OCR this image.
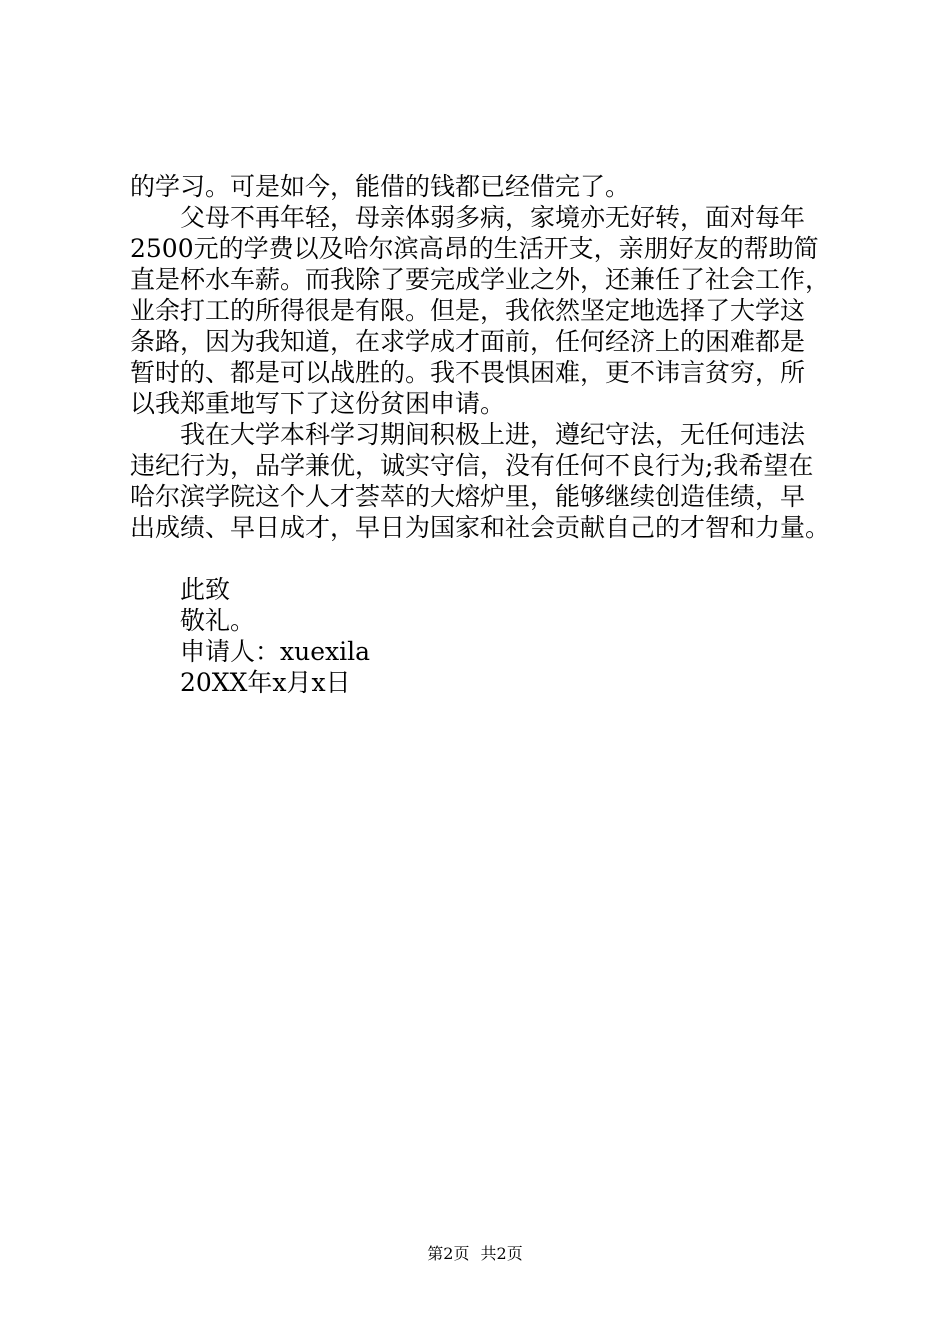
的学习。可是如今，能借的钱都已经借完了。
父母不再年轻，母亲体弱多病，家境亦无好转，面对每年
2500元的学费以及哈尔滨高昂的生活开支，亲朋好友的帮助简
直是杯水车薪。而我除了要完成学业之外，还兼任了社会工作，
业余打工的所得很是有限。但是，我依然坚定地选择了大学这
条路，因为我知道，在求学成才面前，任何经济上的困难都是
暂时的、都是可以战胜的。我不畏惧困难，更不讳言贫穷，所
以我郑重地写下了这份贫困申请。
我在大学本科学习期间积极上进，遵纪守法，无任何违法
违纪行为，品学兼优，诚实守信，没有任何不良行为;我希望在
哈尔滨学院这个人才荟萃的大熔炉里，能够继续创造佳绩，早
出成绩、早日成才，早日为国家和社会贡献自己的才智和力量。
此致
敬礼。
申请人：xuexila
20XX年x月x日
第2页 共2页
